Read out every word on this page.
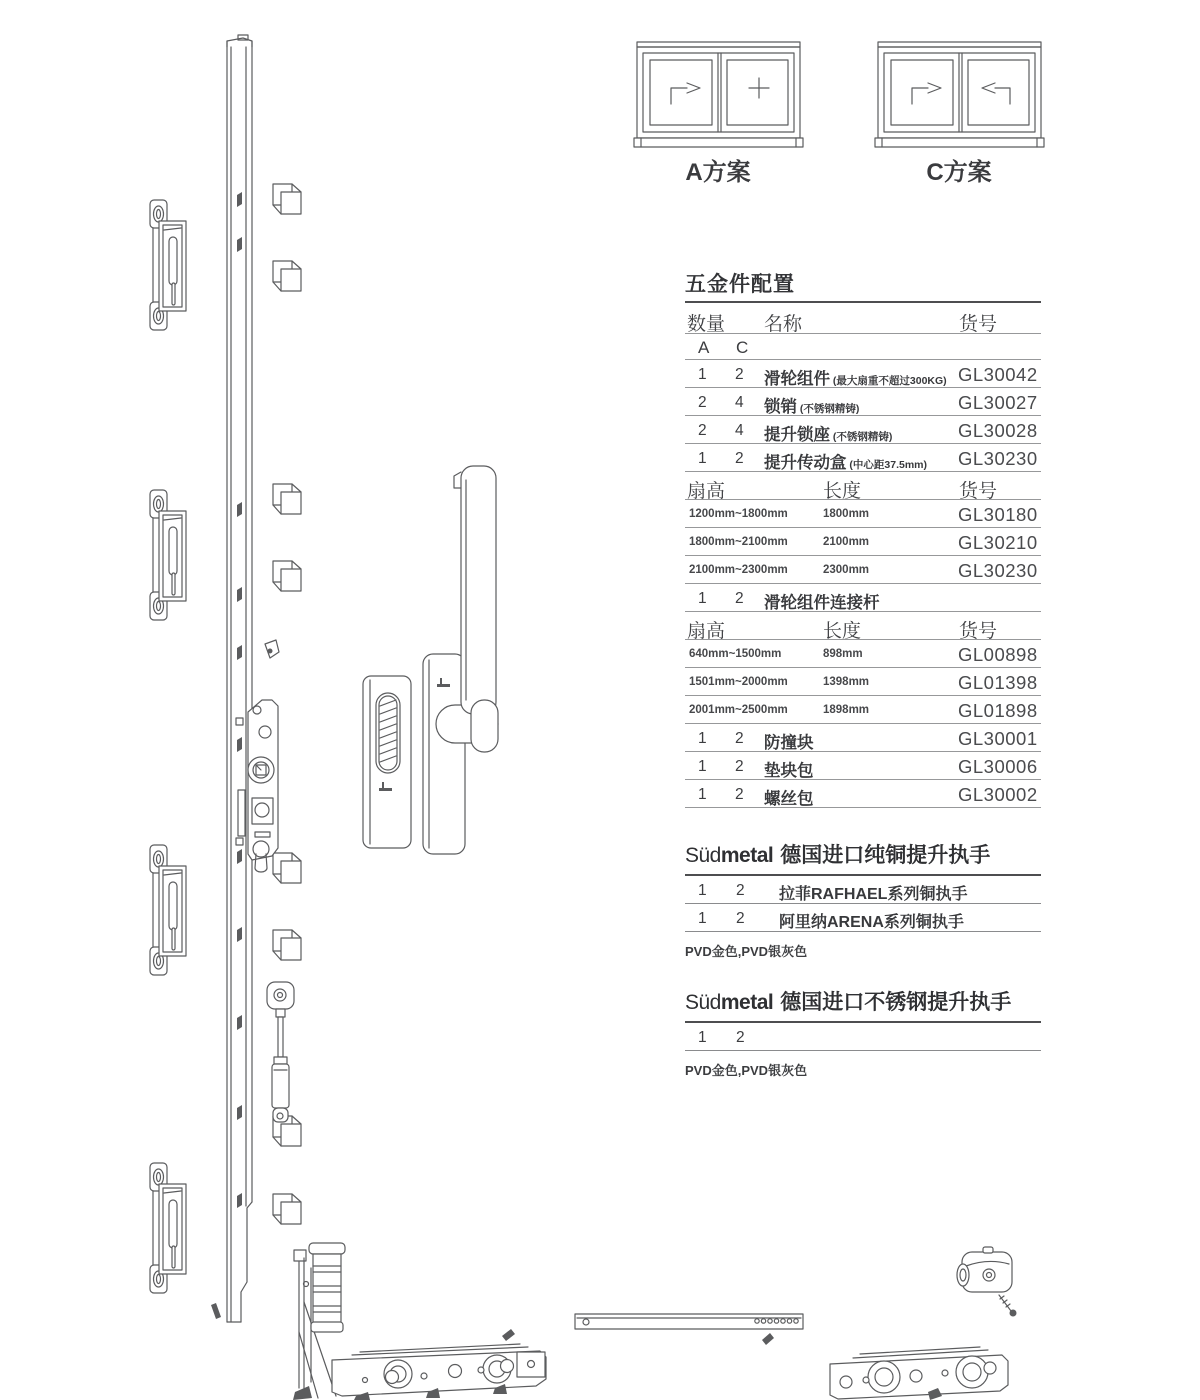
A方案	C方案
五金件配置
数量 名称	货号
A C
1 2 滑轮组件 (最大扇重不超过300KG) GL30042
2 4 锁销 (不锈钢精铸)	GL30027
2 4 提升锁座 (不锈钢精铸)	GL30028
1 2 提升传动盒 (中心距37.5mm) GL30230
扇高	长度	货号
1200mm~1800mm	1800mm	GL30180
1800mm~2100mm	2100mm	GL30210
2100mm~2300mm	2300mm	GL30230
1 2 滑轮组件连接杆
扇高	长度	货号
640mm~1500mm	898mm	GL00898
1501mm~2000mm	1398mm	GL01398
2001mm~2500mm	1898mm	GL01898
1 2 防撞块	GL30001
1 2 垫块包	GL30006
1 2 螺丝包	GL30002
Südmetal 德国进口纯铜提升执手
1 2 拉菲RAFHAEL系列铜执手
1 2 阿里纳ARENA系列铜执手
PVD金色,PVD银灰色
Südmetal 德国进口不锈钢提升执手
1 2
PVD金色,PVD银灰色
